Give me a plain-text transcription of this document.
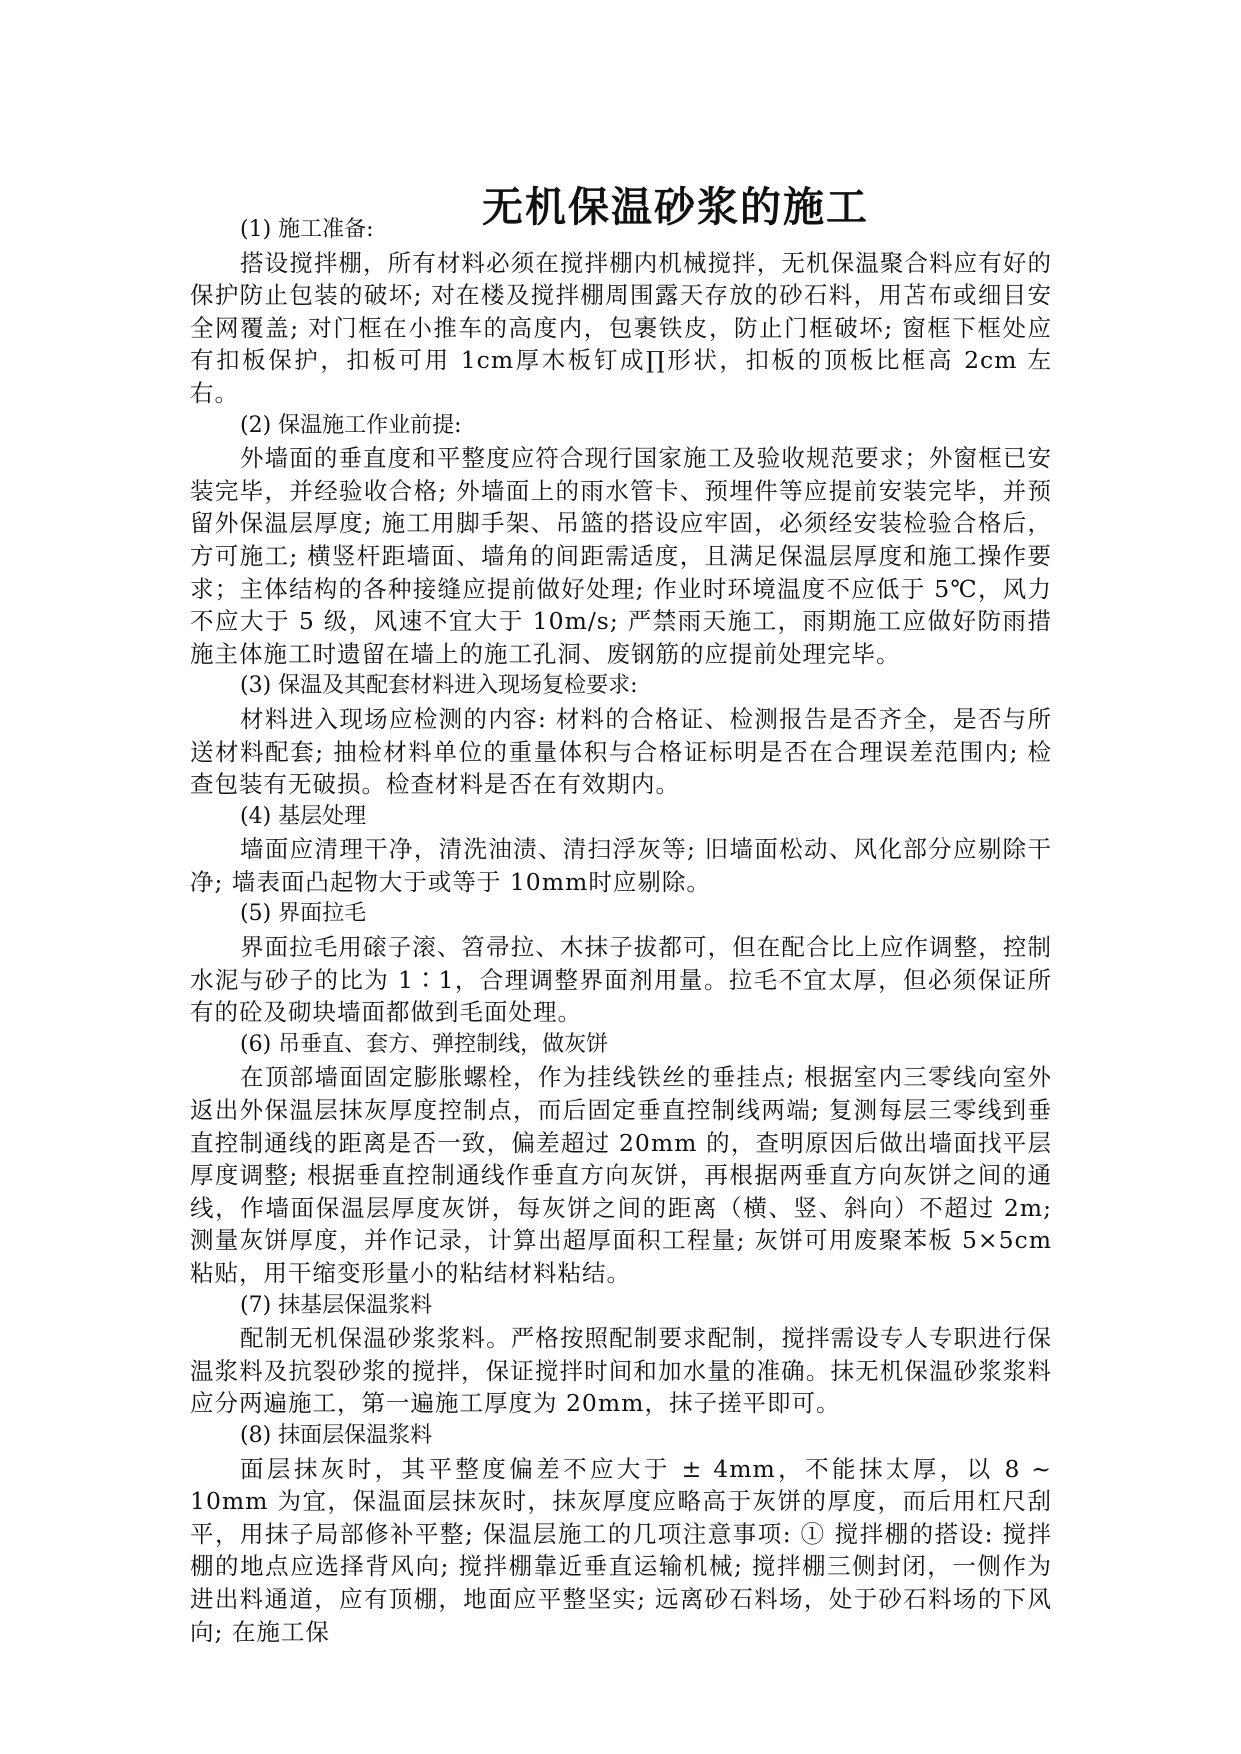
无机保温砂浆的施工

(1) 施工准备:

搭设搅拌棚，所有材料必须在搅拌棚内机械搅拌，无机保温聚合料应有好的保护防止包装的破坏; 对在楼及搅拌棚周围露天存放的砂石料，用苫布或细目安全网覆盖; 对门框在小推车的高度内，包裹铁皮，防止门框破坏; 窗框下框处应有扣板保护，扣板可用 1cm厚木板钉成∏形状，扣板的顶板比框高 2cm 左右。

(2) 保温施工作业前提:

外墙面的垂直度和平整度应符合现行国家施工及验收规范要求；外窗框已安装完毕，并经验收合格; 外墙面上的雨水管卡、预埋件等应提前安装完毕，并预留外保温层厚度; 施工用脚手架、吊篮的搭设应牢固，必须经安装检验合格后，方可施工; 横竖杆距墙面、墙角的间距需适度，且满足保温层厚度和施工操作要求；主体结构的各种接缝应提前做好处理; 作业时环境温度不应低于 5℃，风力不应大于 5 级，风速不宜大于 10m/s; 严禁雨天施工，雨期施工应做好防雨措施主体施工时遗留在墙上的施工孔洞、废钢筋的应提前处理完毕。

(3) 保温及其配套材料进入现场复检要求:

材料进入现场应检测的内容: 材料的合格证、检测报告是否齐全，是否与所送材料配套; 抽检材料单位的重量体积与合格证标明是否在合理误差范围内; 检查包装有无破损。检查材料是否在有效期内。

(4) 基层处理

墙面应清理干净，清洗油渍、清扫浮灰等; 旧墙面松动、风化部分应剔除干净; 墙表面凸起物大于或等于 10mm时应剔除。

(5) 界面拉毛

界面拉毛用磙子滚、笤帚拉、木抹子拔都可，但在配合比上应作调整，控制水泥与砂子的比为 1∶1，合理调整界面剂用量。拉毛不宜太厚，但必须保证所有的砼及砌块墙面都做到毛面处理。

(6) 吊垂直、套方、弹控制线，做灰饼

在顶部墙面固定膨胀螺栓，作为挂线铁丝的垂挂点; 根据室内三零线向室外返出外保温层抹灰厚度控制点，而后固定垂直控制线两端; 复测每层三零线到垂直控制通线的距离是否一致，偏差超过 20mm 的，查明原因后做出墙面找平层厚度调整; 根据垂直控制通线作垂直方向灰饼，再根据两垂直方向灰饼之间的通线，作墙面保温层厚度灰饼，每灰饼之间的距离（横、竖、斜向）不超过 2m; 测量灰饼厚度，并作记录，计算出超厚面积工程量; 灰饼可用废聚苯板 5×5cm 粘贴，用干缩变形量小的粘结材料粘结。

(7) 抹基层保温浆料

配制无机保温砂浆浆料。严格按照配制要求配制，搅拌需设专人专职进行保温浆料及抗裂砂浆的搅拌，保证搅拌时间和加水量的准确。抹无机保温砂浆浆料应分两遍施工，第一遍施工厚度为 20mm，抹子搓平即可。

(8) 抹面层保温浆料

面层抹灰时，其平整度偏差不应大于 ± 4mm，不能抹太厚，以 8 ~ 10mm 为宜，保温面层抹灰时，抹灰厚度应略高于灰饼的厚度，而后用杠尺刮平，用抹子局部修补平整; 保温层施工的几项注意事项: ① 搅拌棚的搭设: 搅拌棚的地点应选择背风向; 搅拌棚靠近垂直运输机械; 搅拌棚三侧封闭，一侧作为进出料通道，应有顶棚，地面应平整坚实; 远离砂石料场，处于砂石料场的下风向; 在施工保
